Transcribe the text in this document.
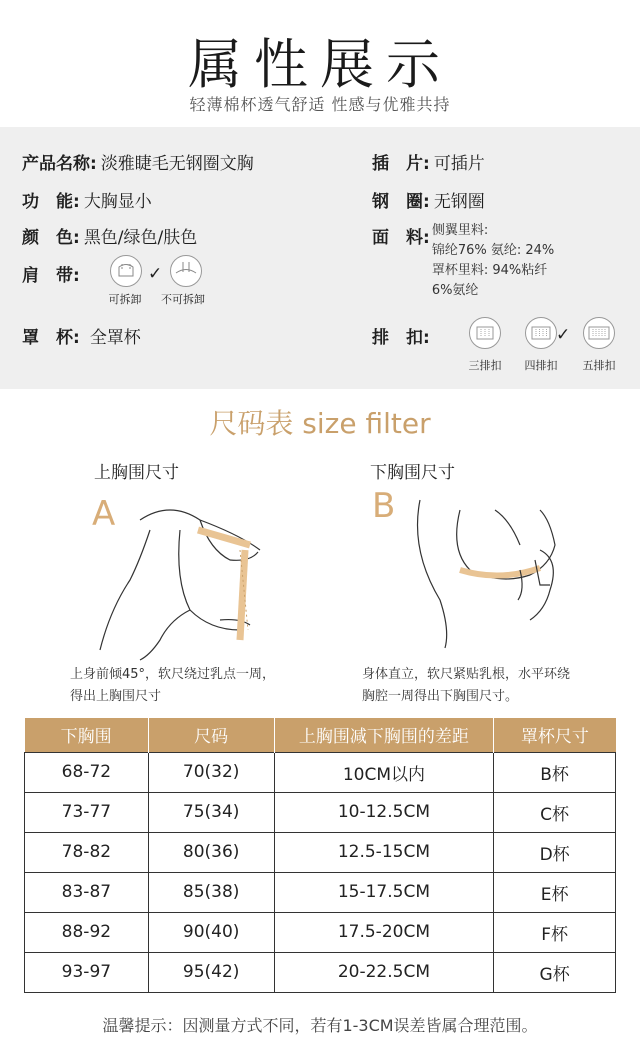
属性展示
轻薄棉杯透气舒适 性感与优雅共持
产品名称: 淡雅睫毛无钢圈文胸	插　片: 可插片
功　能: 大胸显小	钢　圈: 无钢圈
颜　色: 黑色/绿色/肤色	面　料: 侧翼里料:
锦纶76% 氨纶: 24%
罩杯里料: 94%粘纤
6%氨纶
肩　带:
可拆卸
✓
不可拆卸
罩　杯: 全罩杯	排　扣:
三排扣	四排扣
✓
五排扣
尺码表 size filter
上胸围尺寸
A
上身前倾45°，软尺绕过乳点一周，
得出上胸围尺寸
下胸围尺寸
B
身体直立，软尺紧贴乳根，水平环绕
胸腔一周得出下胸围尺寸。
下胸围	尺码	上胸围减下胸围的差距	罩杯尺寸
68-72	70(32)	10CM以内	B杯
73-77	75(34)	10-12.5CM	C杯
78-82	80(36)	12.5-15CM	D杯
83-87	85(38)	15-17.5CM	E杯
88-92	90(40)	17.5-20CM	F杯
93-97	95(42)	20-22.5CM	G杯
温馨提示：因测量方式不同，若有1-3CM误差皆属合理范围。
